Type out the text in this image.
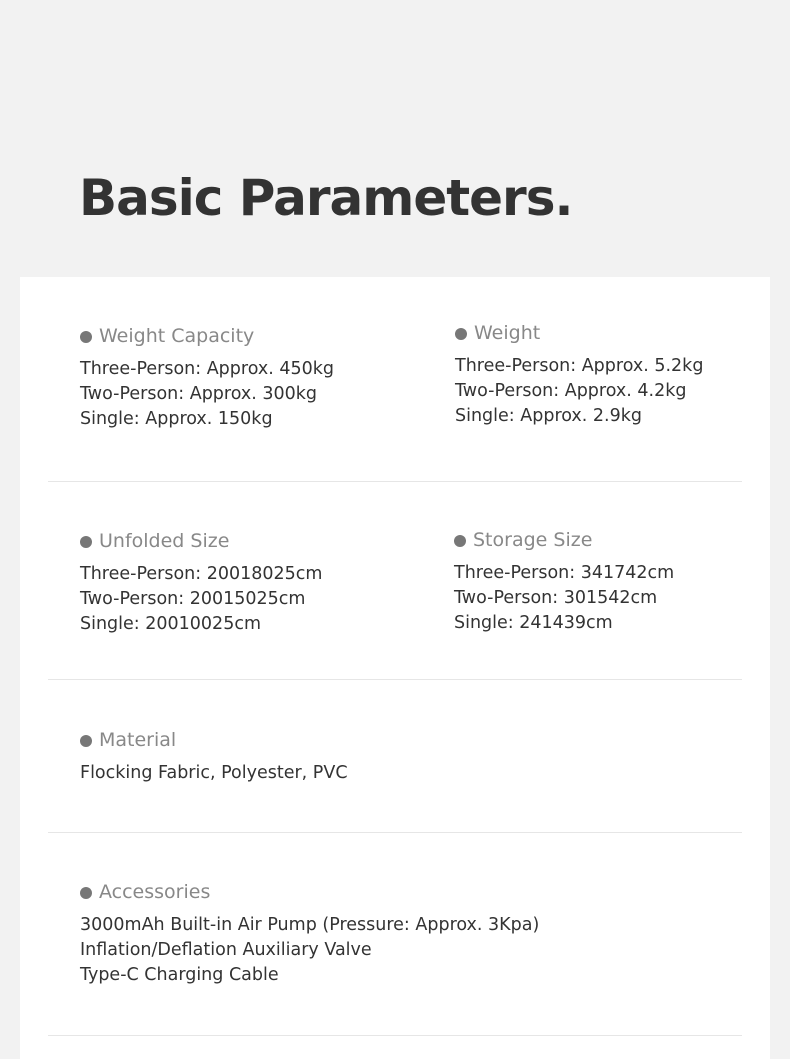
Basic Parameters.
Weight Capacity
Three-Person: Approx. 450kg
Two-Person: Approx. 300kg
Single: Approx. 150kg
Weight
Three-Person: Approx. 5.2kg
Two-Person: Approx. 4.2kg
Single: Approx. 2.9kg
Unfolded Size
Three-Person: 20018025cm
Two-Person: 20015025cm
Single: 20010025cm
Storage Size
Three-Person: 341742cm
Two-Person: 301542cm
Single: 241439cm
Material
Flocking Fabric, Polyester, PVC
Accessories
3000mAh Built-in Air Pump (Pressure: Approx. 3Kpa)
Inflation/Deflation Auxiliary Valve
Type-C Charging Cable
